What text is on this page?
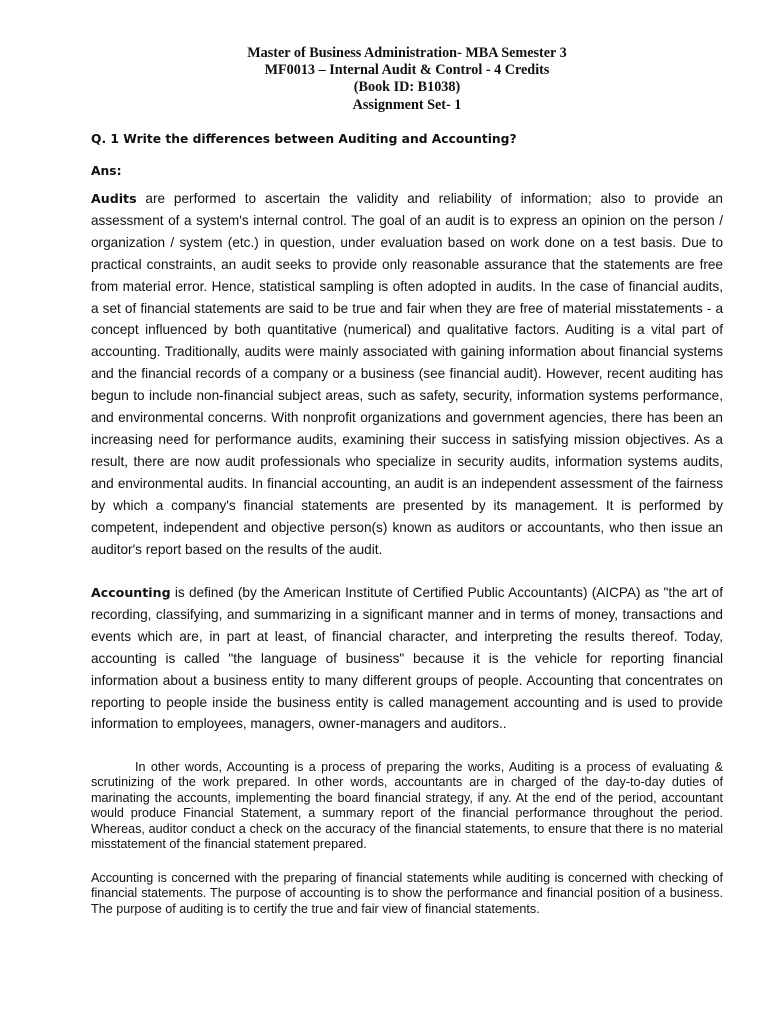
Master of Business Administration- MBA Semester 3
MF0013 – Internal Audit & Control - 4 Credits
(Book ID: B1038)
Assignment Set- 1
Q. 1 Write the differences between Auditing and Accounting?
Ans:
Audits are performed to ascertain the validity and reliability of information; also to provide an assessment of a system's internal control. The goal of an audit is to express an opinion on the person / organization / system (etc.) in question, under evaluation based on work done on a test basis. Due to practical constraints, an audit seeks to provide only reasonable assurance that the statements are free from material error. Hence, statistical sampling is often adopted in audits. In the case of financial audits, a set of financial statements are said to be true and fair when they are free of material misstatements - a concept influenced by both quantitative (numerical) and qualitative factors. Auditing is a vital part of accounting. Traditionally, audits were mainly associated with gaining information about financial systems and the financial records of a company or a business (see financial audit). However, recent auditing has begun to include non-financial subject areas, such as safety, security, information systems performance, and environmental concerns. With nonprofit organizations and government agencies, there has been an increasing need for performance audits, examining their success in satisfying mission objectives. As a result, there are now audit professionals who specialize in security audits, information systems audits, and environmental audits. In financial accounting, an audit is an independent assessment of the fairness by which a company's financial statements are presented by its management. It is performed by competent, independent and objective person(s) known as auditors or accountants, who then issue an auditor's report based on the results of the audit.
Accounting is defined (by the American Institute of Certified Public Accountants) (AICPA) as "the art of recording, classifying, and summarizing in a significant manner and in terms of money, transactions and events which are, in part at least, of financial character, and interpreting the results thereof. Today, accounting is called "the language of business" because it is the vehicle for reporting financial information about a business entity to many different groups of people. Accounting that concentrates on reporting to people inside the business entity is called management accounting and is used to provide information to employees, managers, owner-managers and auditors..
In other words, Accounting is a process of preparing the works, Auditing is a process of evaluating & scrutinizing of the work prepared. In other words, accountants are in charged of the day-to-day duties of marinating the accounts, implementing the board financial strategy, if any. At the end of the period, accountant would produce Financial Statement, a summary report of the financial performance throughout the period. Whereas, auditor conduct a check on the accuracy of the financial statements, to ensure that there is no material misstatement of the financial statement prepared.
Accounting is concerned with the preparing of financial statements while auditing is concerned with checking of financial statements. The purpose of accounting is to show the performance and financial position of a business. The purpose of auditing is to certify the true and fair view of financial statements.
